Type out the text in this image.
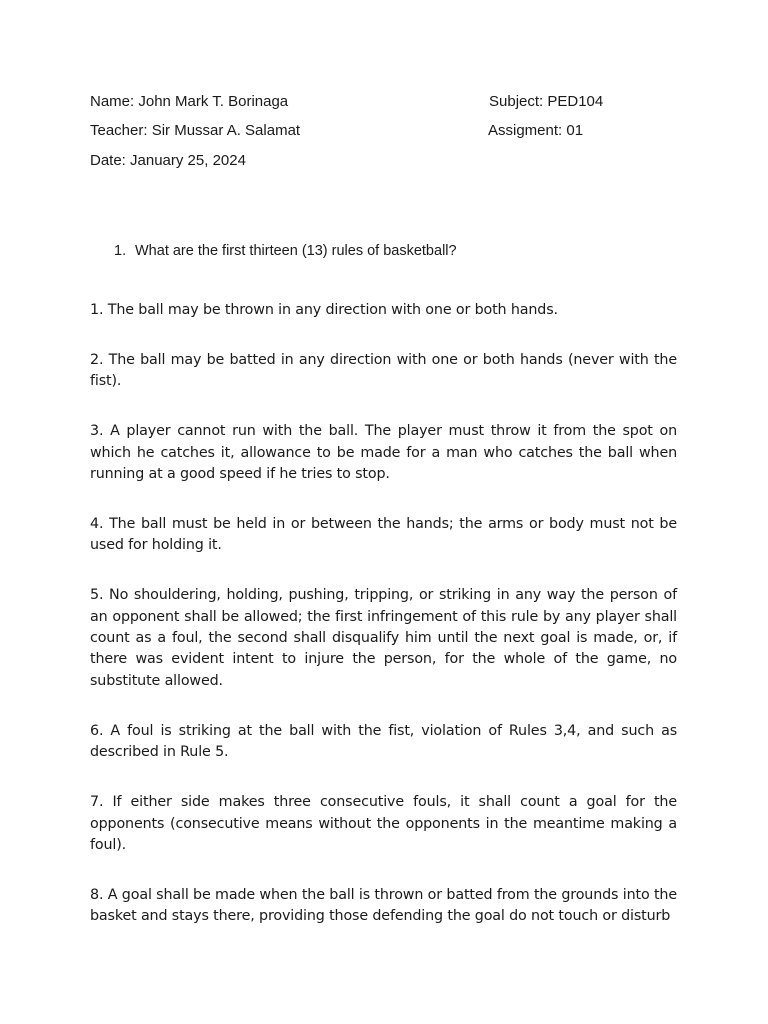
Name: John Mark T. Borinaga	Subject: PED104
Teacher: Sir Mussar A. Salamat	Assigment: 01
Date: January 25, 2024
1. What are the first thirteen (13) rules of basketball?

1. The ball may be thrown in any direction with one or both hands.

2. The ball may be batted in any direction with one or both hands (never with the fist).

3. A player cannot run with the ball. The player must throw it from the spot on which he catches it, allowance to be made for a man who catches the ball when running at a good speed if he tries to stop.

4. The ball must be held in or between the hands; the arms or body must not be used for holding it.

5. No shouldering, holding, pushing, tripping, or striking in any way the person of an opponent shall be allowed; the first infringement of this rule by any player shall count as a foul, the second shall disqualify him until the next goal is made, or, if there was evident intent to injure the person, for the whole of the game, no substitute allowed.

6. A foul is striking at the ball with the fist, violation of Rules 3,4, and such as described in Rule 5.

7. If either side makes three consecutive fouls, it shall count a goal for the opponents (consecutive means without the opponents in the meantime making a foul).

8. A goal shall be made when the ball is thrown or batted from the grounds into the basket and stays there, providing those defending the goal do not touch or disturb
